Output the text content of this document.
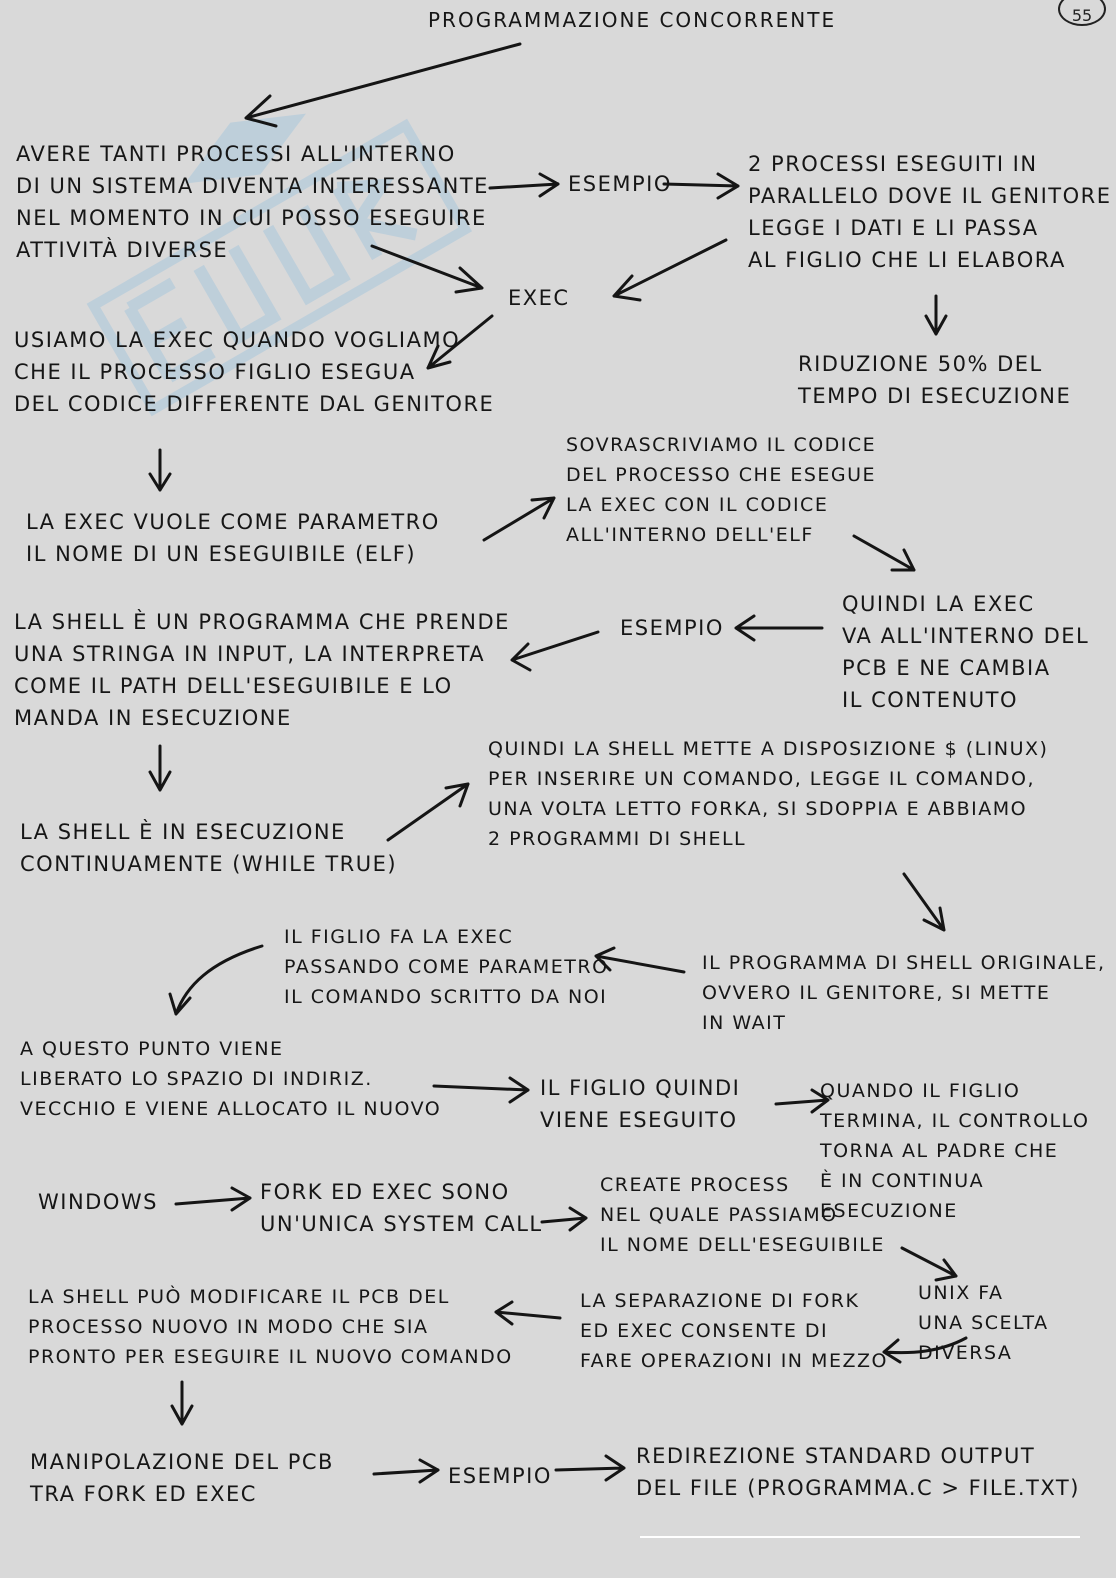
55
PROGRAMMAZIONE CONCORRENTE
AVERE TANTI PROCESSI ALL'INTERNO
DI UN SISTEMA DIVENTA INTERESSANTE
NEL MOMENTO IN CUI POSSO ESEGUIRE
ATTIVITÀ DIVERSE
ESEMPIO
2 PROCESSI ESEGUITI IN
PARALLELO DOVE IL GENITORE
LEGGE I DATI E LI PASSA
AL FIGLIO CHE LI ELABORA
RIDUZIONE 50% DEL
TEMPO DI ESECUZIONE
EXEC
USIAMO LA EXEC QUANDO VOGLIAMO
CHE IL PROCESSO FIGLIO ESEGUA
DEL CODICE DIFFERENTE DAL GENITORE
LA EXEC VUOLE COME PARAMETRO
IL NOME DI UN ESEGUIBILE (ELF)
SOVRASCRIVIAMO IL CODICE
DEL PROCESSO CHE ESEGUE
LA EXEC CON IL CODICE
ALL'INTERNO DELL'ELF
QUINDI LA EXEC
VA ALL'INTERNO DEL
PCB E NE CAMBIA
IL CONTENUTO
ESEMPIO
LA SHELL È UN PROGRAMMA CHE PRENDE
UNA STRINGA IN INPUT, LA INTERPRETA
COME IL PATH DELL'ESEGUIBILE E LO
MANDA IN ESECUZIONE
LA SHELL È IN ESECUZIONE
CONTINUAMENTE (WHILE TRUE)
QUINDI LA SHELL METTE A DISPOSIZIONE $ (LINUX)
PER INSERIRE UN COMANDO, LEGGE IL COMANDO,
UNA VOLTA LETTO FORKA, SI SDOPPIA E ABBIAMO
2 PROGRAMMI DI SHELL
IL PROGRAMMA DI SHELL ORIGINALE,
OVVERO IL GENITORE, SI METTE
IN WAIT
IL FIGLIO FA LA EXEC
PASSANDO COME PARAMETRO
IL COMANDO SCRITTO DA NOI
A QUESTO PUNTO VIENE
LIBERATO LO SPAZIO DI INDIRIZ.
VECCHIO E VIENE ALLOCATO IL NUOVO
IL FIGLIO QUINDI
VIENE ESEGUITO
QUANDO IL FIGLIO
TERMINA, IL CONTROLLO
TORNA AL PADRE CHE
È IN CONTINUA ESECUZIONE
WINDOWS	FORK ED EXEC SONO
UN'UNICA SYSTEM CALL
CREATE PROCESS
NEL QUALE PASSIAMO
IL NOME DELL'ESEGUIBILE
UNIX FA
UNA SCELTA DIVERSA
LA SEPARAZIONE DI FORK
ED EXEC CONSENTE DI
FARE OPERAZIONI IN MEZZO
LA SHELL PUÒ MODIFICARE IL PCB DEL
PROCESSO NUOVO IN MODO CHE SIA
PRONTO PER ESEGUIRE IL NUOVO COMANDO
MANIPOLAZIONE DEL PCB
TRA FORK ED EXEC
ESEMPIO
REDIREZIONE STANDARD OUTPUT
DEL FILE (PROGRAMMA.C > FILE.TXT)
